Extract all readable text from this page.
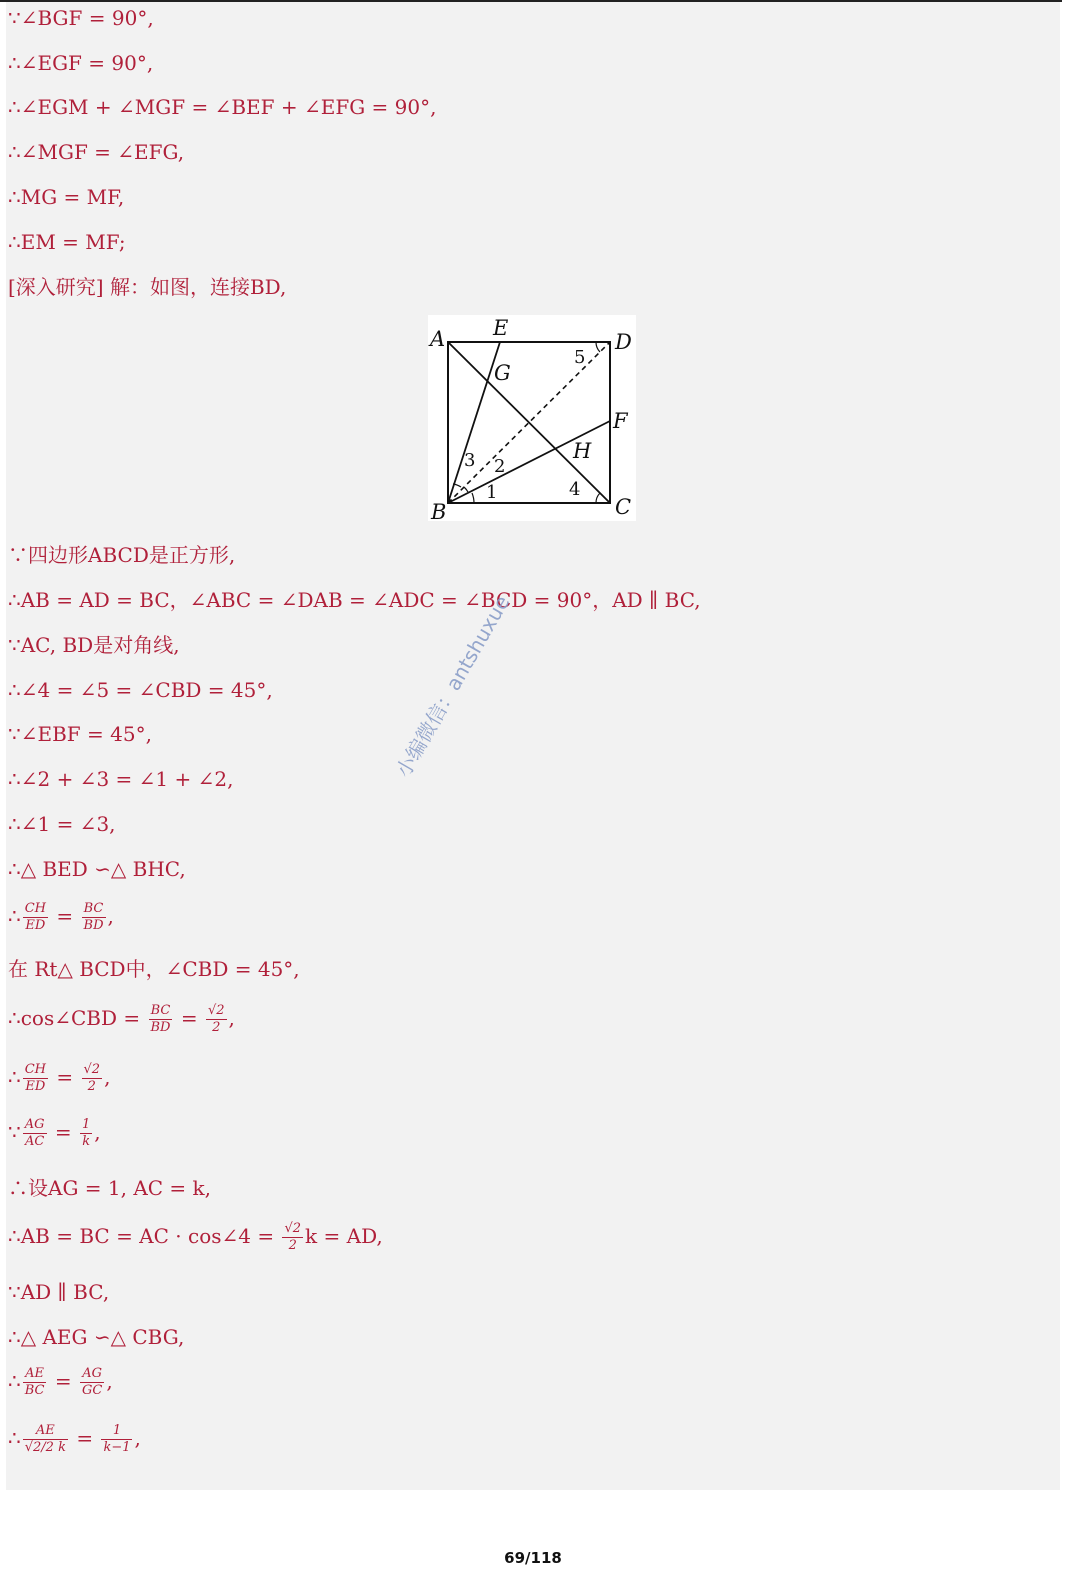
∵∠BGF = 90°,
∴∠EGF = 90°,
∴∠EGM + ∠MGF = ∠BEF + ∠EFG = 90°,
∴∠MGF = ∠EFG,
∴MG = MF,
∴EM = MF;
[深入研究] 解：如图，连接BD,
A
B	C
D
E
F
G
H
1
2
3
4
5
∵四边形ABCD是正方形,
∴AB = AD = BC，∠ABC = ∠DAB = ∠ADC = ∠BCD = 90°，AD ∥ BC,
∵AC, BD是对角线,
∴∠4 = ∠5 = ∠CBD = 45°,
∵∠EBF = 45°,
∴∠2 + ∠3 = ∠1 + ∠2,
∴∠1 = ∠3,
∴△ BED ∽△ BHC,
∴ $\frac{CH}{ED} = \frac{BC}{BD}$ ,
在 Rt△ BCD中，∠CBD = 45°,
∴cos∠CBD = $\frac{BC}{BD} = \frac{√2}{2}$ ,
∴ $\frac{CH}{ED} = \frac{√2}{2}$ ,
∵ $\frac{AG}{AC} = \frac{1}{k}$ ,
∴设AG = 1, AC = k,
∴AB = BC = AC · cos∠4 = $\frac{√2}{2}$ k = AD,
∵AD ∥ BC,
∴△ AEG ∽△ CBG,
∴ $\frac{AE}{BC} = \frac{AG}{GC}$ ,
∴ $\frac{AE}{√2/2 k} = \frac{1}{k-1}$ ,
小编微信：antshuxue
69/118
